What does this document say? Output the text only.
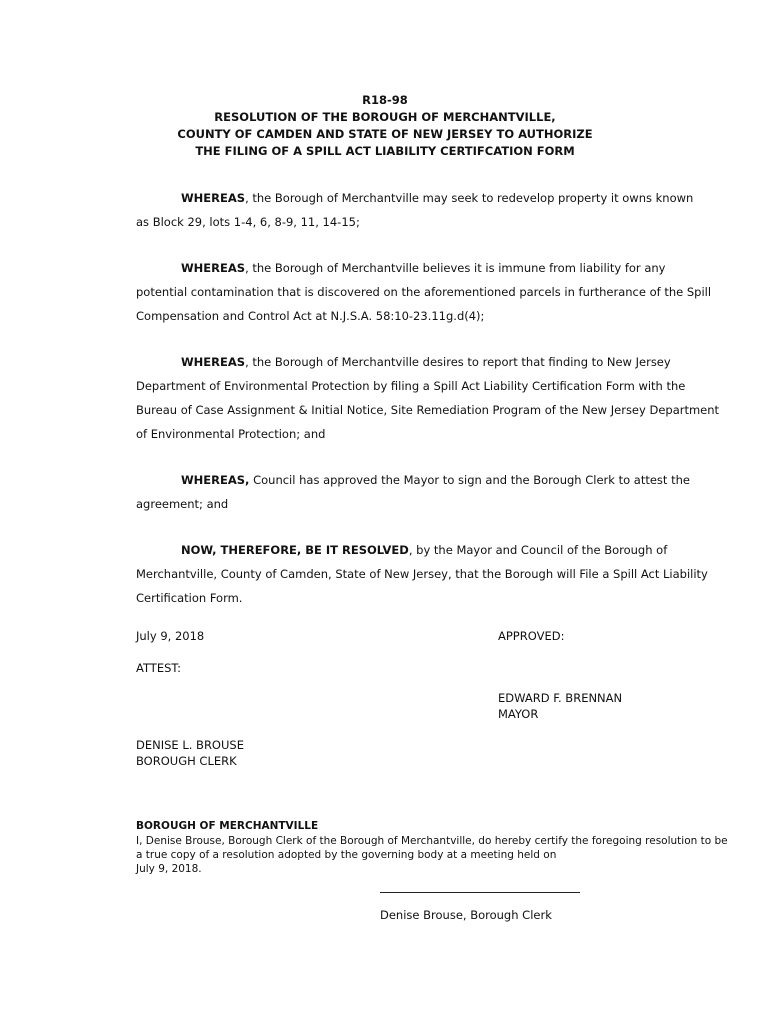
R18-98
RESOLUTION OF THE BOROUGH OF MERCHANTVILLE,
COUNTY OF CAMDEN AND STATE OF NEW JERSEY TO AUTHORIZE
THE FILING OF A SPILL ACT LIABILITY CERTIFCATION FORM
WHEREAS, the Borough of Merchantville may seek to redevelop property it owns known
as Block 29, lots 1-4, 6, 8-9, 11, 14-15;
WHEREAS, the Borough of Merchantville believes it is immune from liability for any
potential contamination that is discovered on the aforementioned parcels in furtherance of the Spill
Compensation and Control Act at N.J.S.A. 58:10-23.11g.d(4);
WHEREAS, the Borough of Merchantville desires to report that finding to New Jersey
Department of Environmental Protection by filing a Spill Act Liability Certification Form with the
Bureau of Case Assignment & Initial Notice, Site Remediation Program of the New Jersey Department
of Environmental Protection; and
WHEREAS, Council has approved the Mayor to sign and the Borough Clerk to attest the
agreement; and
NOW, THEREFORE, BE IT RESOLVED, by the Mayor and Council of the Borough of
Merchantville, County of Camden, State of New Jersey, that the Borough will File a Spill Act Liability
Certification Form.
July 9, 2018	APPROVED:
ATTEST:
EDWARD F. BRENNAN
MAYOR
DENISE L. BROUSE
BOROUGH CLERK
BOROUGH OF MERCHANTVILLE
I, Denise Brouse, Borough Clerk of the Borough of Merchantville, do hereby certify the foregoing resolution to be
a true copy of a resolution adopted by the governing body at a meeting held on
July 9, 2018.
Denise Brouse, Borough Clerk
